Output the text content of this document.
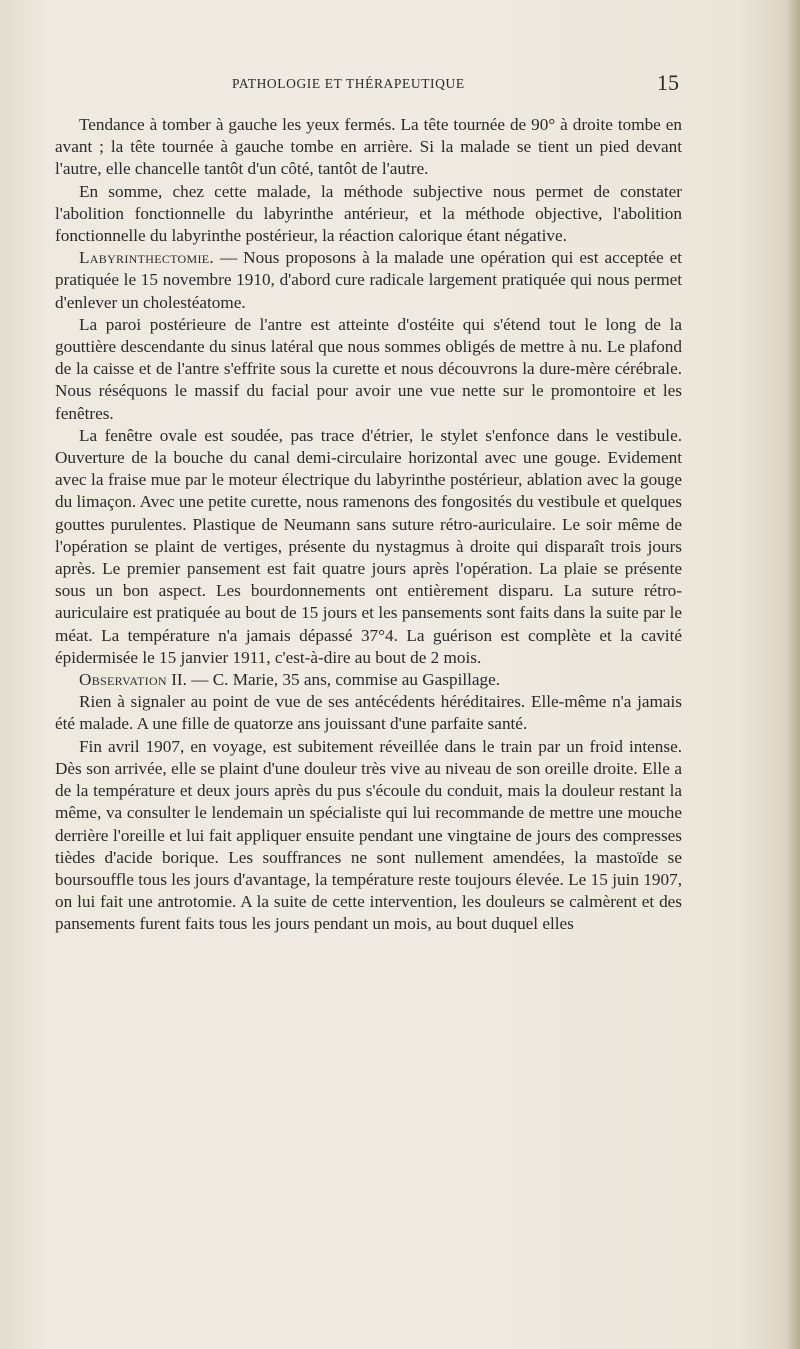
PATHOLOGIE ET THÉRAPEUTIQUE	15

Tendance à tomber à gauche les yeux fermés. La tête tournée de 90° à droite tombe en avant ; la tête tournée à gauche tombe en arrière. Si la malade se tient un pied devant l'autre, elle chancelle tantôt d'un côté, tantôt de l'autre.

En somme, chez cette malade, la méthode subjective nous permet de constater l'abolition fonctionnelle du labyrinthe antérieur, et la méthode objective, l'abolition fonctionnelle du labyrinthe postérieur, la réaction calorique étant négative.

Labyrinthectomie. — Nous proposons à la malade une opération qui est acceptée et pratiquée le 15 novembre 1910, d'abord cure radicale largement pratiquée qui nous permet d'enlever un cholestéatome.

La paroi postérieure de l'antre est atteinte d'ostéite qui s'étend tout le long de la gouttière descendante du sinus latéral que nous sommes obligés de mettre à nu. Le plafond de la caisse et de l'antre s'effrite sous la curette et nous découvrons la dure-mère cérébrale. Nous réséquons le massif du facial pour avoir une vue nette sur le promontoire et les fenêtres.

La fenêtre ovale est soudée, pas trace d'étrier, le stylet s'enfonce dans le vestibule. Ouverture de la bouche du canal demi-circulaire horizontal avec une gouge. Evidement avec la fraise mue par le moteur électrique du labyrinthe postérieur, ablation avec la gouge du limaçon. Avec une petite curette, nous ramenons des fongosités du vestibule et quelques gouttes purulentes. Plastique de Neumann sans suture rétro-auriculaire. Le soir même de l'opération se plaint de vertiges, présente du nystagmus à droite qui disparaît trois jours après. Le premier pansement est fait quatre jours après l'opération. La plaie se présente sous un bon aspect. Les bourdonnements ont entièrement disparu. La suture rétro-auriculaire est pratiquée au bout de 15 jours et les pansements sont faits dans la suite par le méat. La température n'a jamais dépassé 37°4. La guérison est complète et la cavité épidermisée le 15 janvier 1911, c'est-à-dire au bout de 2 mois.

Observation II. — C. Marie, 35 ans, commise au Gaspillage.

Rien à signaler au point de vue de ses antécédents héréditaires. Elle-même n'a jamais été malade. A une fille de quatorze ans jouissant d'une parfaite santé.

Fin avril 1907, en voyage, est subitement réveillée dans le train par un froid intense. Dès son arrivée, elle se plaint d'une douleur très vive au niveau de son oreille droite. Elle a de la température et deux jours après du pus s'écoule du conduit, mais la douleur restant la même, va consulter le lendemain un spécialiste qui lui recommande de mettre une mouche derrière l'oreille et lui fait appliquer ensuite pendant une vingtaine de jours des compresses tièdes d'acide borique. Les souffrances ne sont nullement amendées, la mastoïde se boursouffle tous les jours d'avantage, la température reste toujours élevée. Le 15 juin 1907, on lui fait une antrotomie. A la suite de cette intervention, les douleurs se calmèrent et des pansements furent faits tous les jours pendant un mois, au bout duquel elles
